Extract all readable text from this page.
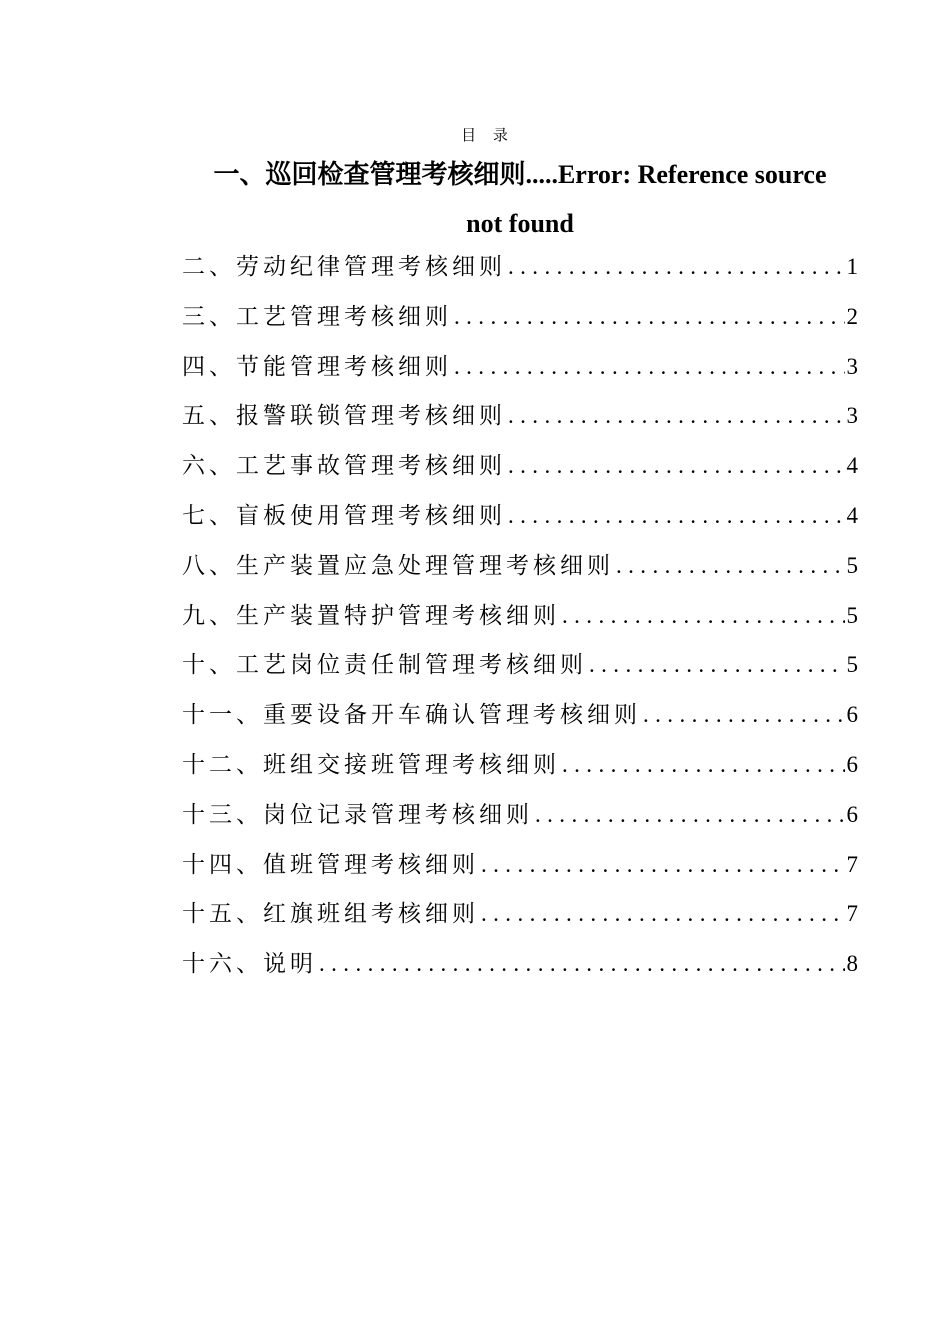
目 录
一、巡回检查管理考核细则.....Error: Reference source
not found
二、劳动纪律管理考核细则 .....	1
三、工艺管理考核细则 .....	2
四、节能管理考核细则 .....	3
五、报警联锁管理考核细则 .....	3
六、工艺事故管理考核细则 .....	4
七、盲板使用管理考核细则 .....	4
八、生产装置应急处理管理考核细则 .....	5
九、生产装置特护管理考核细则 .....	5
十、工艺岗位责任制管理考核细则 .....	5
十一、重要设备开车确认管理考核细则 .....	6
十二、班组交接班管理考核细则 .....	6
十三、岗位记录管理考核细则 .....	6
十四、值班管理考核细则 .....	7
十五、红旗班组考核细则 .....	7
十六、说明 .....	8
